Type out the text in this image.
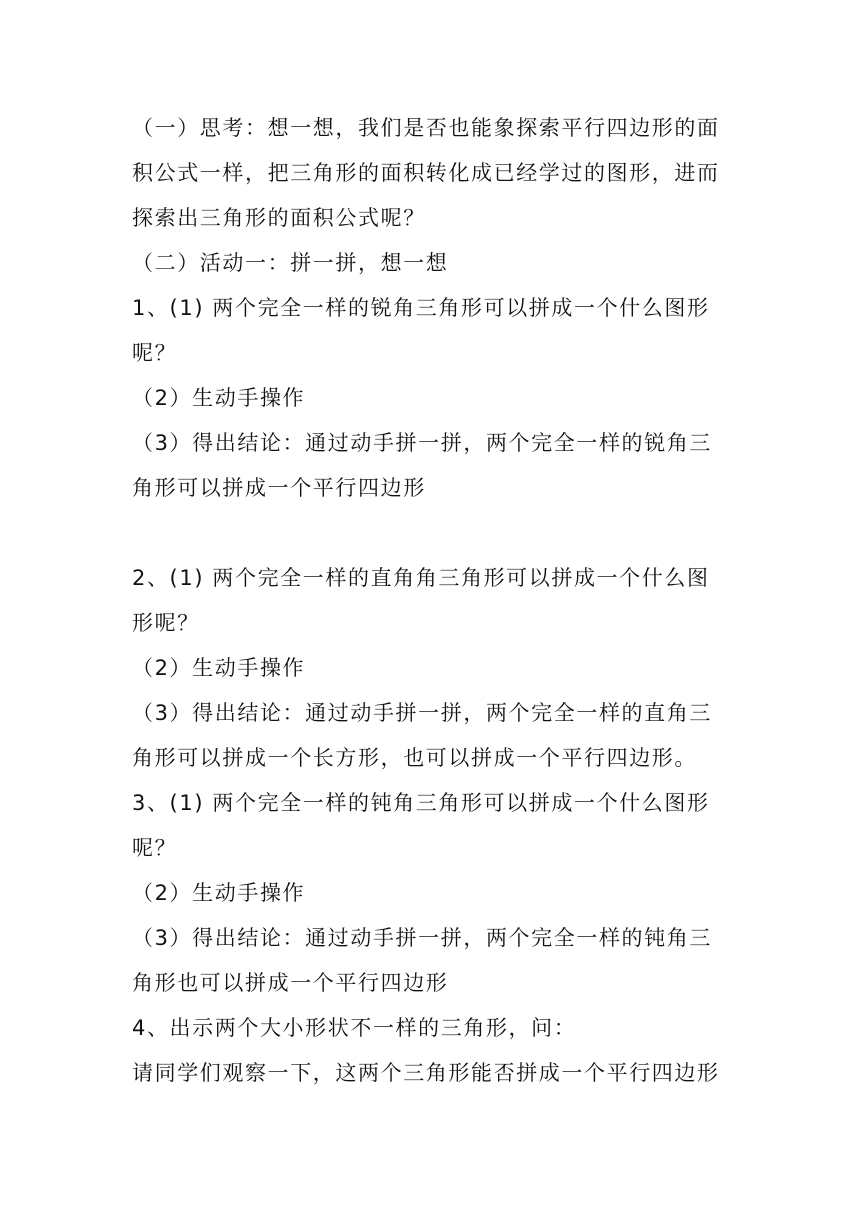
（一）思考：想一想，我们是否也能象探索平行四边形的面
积公式一样，把三角形的面积转化成已经学过的图形，进而
探索出三角形的面积公式呢？
（二）活动一：拼一拼，想一想
1、(1) 两个完全一样的锐角三角形可以拼成一个什么图形
呢？
（2）生动手操作
（3）得出结论：通过动手拼一拼，两个完全一样的锐角三
角形可以拼成一个平行四边形
2、(1) 两个完全一样的直角角三角形可以拼成一个什么图
形呢？
（2）生动手操作
（3）得出结论：通过动手拼一拼，两个完全一样的直角三
角形可以拼成一个长方形，也可以拼成一个平行四边形。
3、(1) 两个完全一样的钝角三角形可以拼成一个什么图形
呢？
（2）生动手操作
（3）得出结论：通过动手拼一拼，两个完全一样的钝角三
角形也可以拼成一个平行四边形
4、出示两个大小形状不一样的三角形，问：
请同学们观察一下，这两个三角形能否拼成一个平行四边形
